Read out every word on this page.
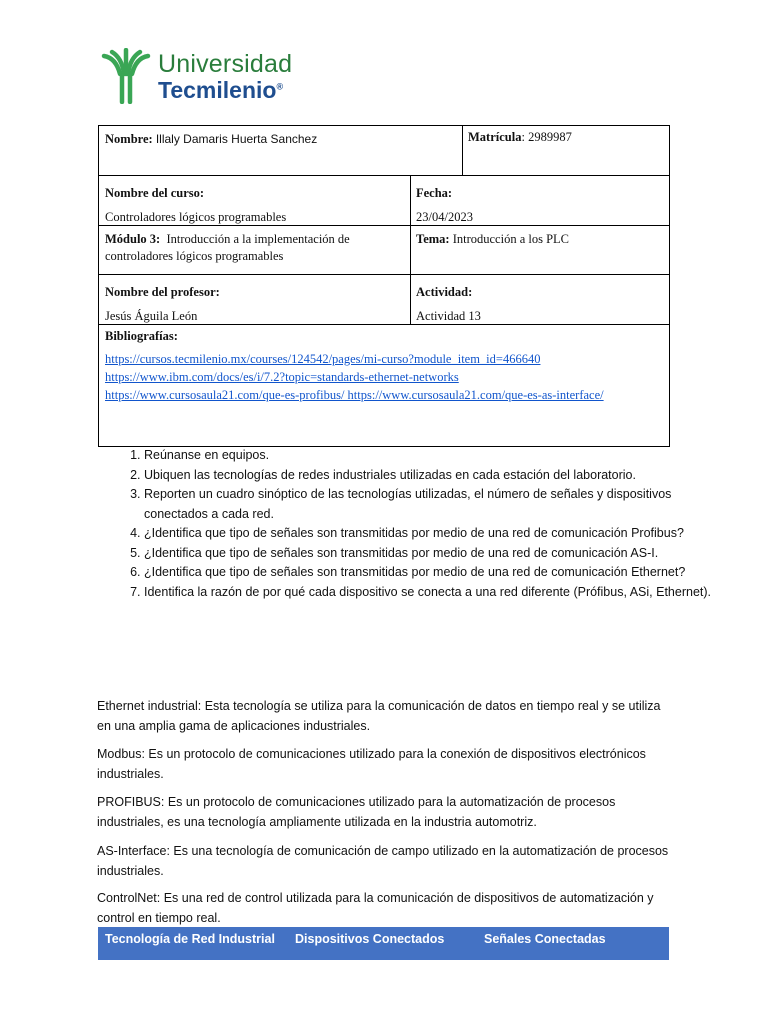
Universidad
Tecmilenio®
Nombre: Illaly Damaris Huerta Sanchez	Matrícula: 2989987
Nombre del curso:
Controladores lógicos programables
Fecha:
23/04/2023
Módulo 3: Introducción a la implementación de controladores lógicos programables
Tema: Introducción a los PLC
Nombre del profesor:
Jesús Águila León
Actividad:
Actividad 13
Bibliografías:
https://cursos.tecmilenio.mx/courses/124542/pages/mi-curso?module_item_id=466640
https://www.ibm.com/docs/es/i/7.2?topic=standards-ethernet-networks
https://www.cursosaula21.com/que-es-profibus/ https://www.cursosaula21.com/que-es-as-interface/
1. Reúnanse en equipos.
2. Ubiquen las tecnologías de redes industriales utilizadas en cada estación del laboratorio.
3. Reporten un cuadro sinóptico de las tecnologías utilizadas, el número de señales y dispositivos conectados a cada red.
4. ¿Identifica que tipo de señales son transmitidas por medio de una red de comunicación Profibus?
5. ¿Identifica que tipo de señales son transmitidas por medio de una red de comunicación AS-I.
6. ¿Identifica que tipo de señales son transmitidas por medio de una red de comunicación Ethernet?
7. Identifica la razón de por qué cada dispositivo se conecta a una red diferente (Prófibus, ASi, Ethernet).

Ethernet industrial: Esta tecnología se utiliza para la comunicación de datos en tiempo real y se utiliza en una amplia gama de aplicaciones industriales.

Modbus: Es un protocolo de comunicaciones utilizado para la conexión de dispositivos electrónicos industriales.

PROFIBUS: Es un protocolo de comunicaciones utilizado para la automatización de procesos industriales, es una tecnología ampliamente utilizada en la industria automotriz.

AS-Interface: Es una tecnología de comunicación de campo utilizado en la automatización de procesos industriales.

ControlNet: Es una red de control utilizada para la comunicación de dispositivos de automatización y control en tiempo real.

Tecnología de Red Industrial Dispositivos Conectados	Señales Conectadas
